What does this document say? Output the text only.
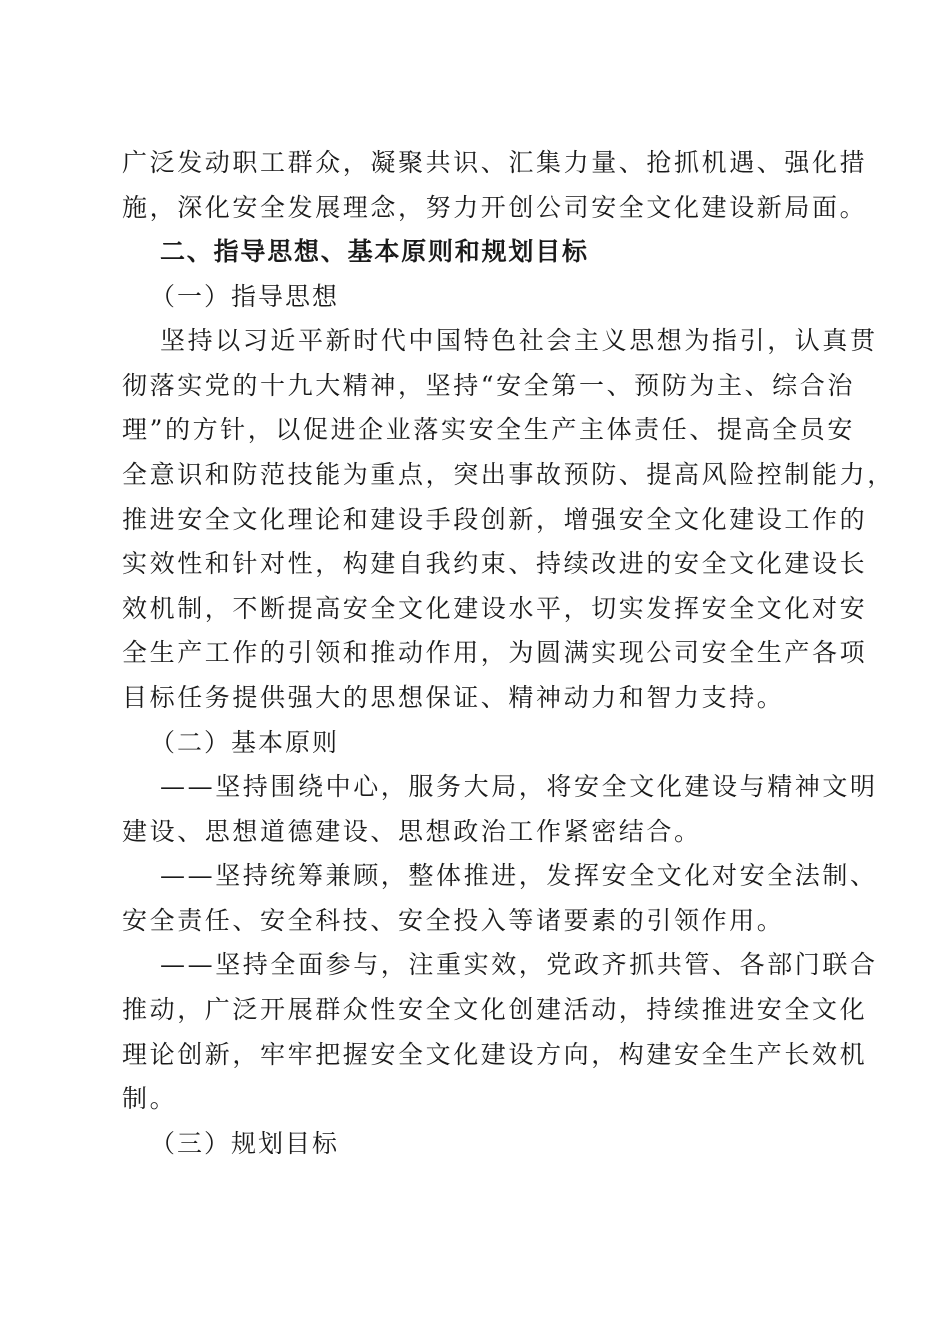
广泛发动职工群众，凝聚共识、汇集力量、抢抓机遇、强化措
施，深化安全发展理念，努力开创公司安全文化建设新局面。
二、指导思想、基本原则和规划目标
（一）指导思想
坚持以习近平新时代中国特色社会主义思想为指引，认真贯
彻落实党的十九大精神，坚持“安全第一、预防为主、综合治
理”的方针，以促进企业落实安全生产主体责任、提高全员安
全意识和防范技能为重点，突出事故预防、提高风险控制能力，
推进安全文化理论和建设手段创新，增强安全文化建设工作的
实效性和针对性，构建自我约束、持续改进的安全文化建设长
效机制，不断提高安全文化建设水平，切实发挥安全文化对安
全生产工作的引领和推动作用，为圆满实现公司安全生产各项
目标任务提供强大的思想保证、精神动力和智力支持。
（二）基本原则
——坚持围绕中心，服务大局，将安全文化建设与精神文明
建设、思想道德建设、思想政治工作紧密结合。
——坚持统筹兼顾，整体推进，发挥安全文化对安全法制、
安全责任、安全科技、安全投入等诸要素的引领作用。
——坚持全面参与，注重实效，党政齐抓共管、各部门联合
推动，广泛开展群众性安全文化创建活动，持续推进安全文化
理论创新，牢牢把握安全文化建设方向，构建安全生产长效机
制。
（三）规划目标
